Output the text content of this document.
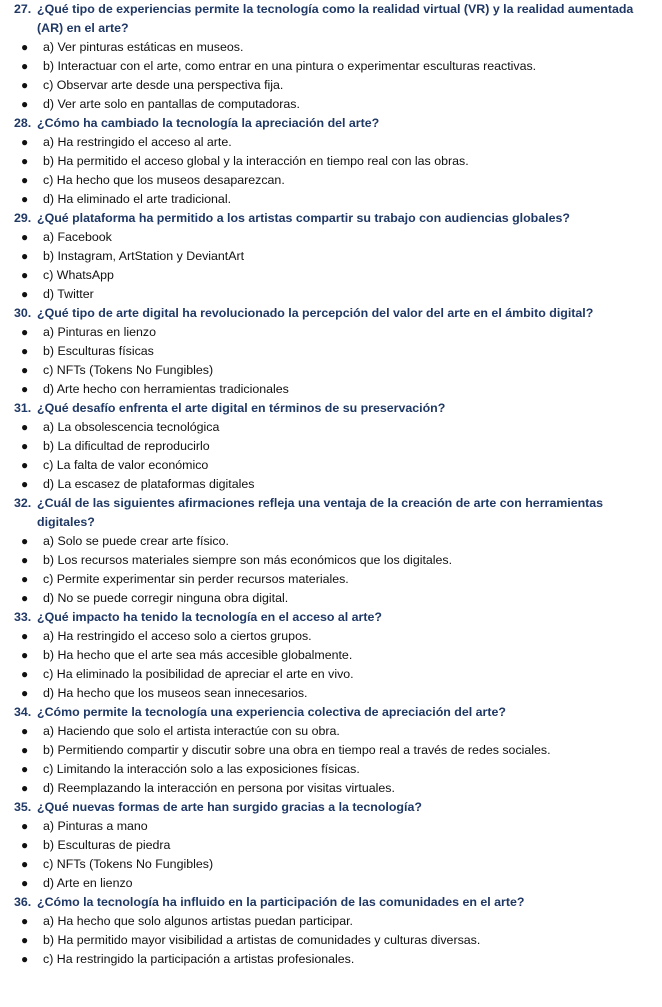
27. ¿Qué tipo de experiencias permite la tecnología como la realidad virtual (VR) y la realidad aumentada (AR) en el arte?
● a) Ver pinturas estáticas en museos.
● b) Interactuar con el arte, como entrar en una pintura o experimentar esculturas reactivas.
● c) Observar arte desde una perspectiva fija.
● d) Ver arte solo en pantallas de computadoras.
28. ¿Cómo ha cambiado la tecnología la apreciación del arte?
● a) Ha restringido el acceso al arte.
● b) Ha permitido el acceso global y la interacción en tiempo real con las obras.
● c) Ha hecho que los museos desaparezcan.
● d) Ha eliminado el arte tradicional.
29. ¿Qué plataforma ha permitido a los artistas compartir su trabajo con audiencias globales?
● a) Facebook
● b) Instagram, ArtStation y DeviantArt
● c) WhatsApp
● d) Twitter
30. ¿Qué tipo de arte digital ha revolucionado la percepción del valor del arte en el ámbito digital?
● a) Pinturas en lienzo
● b) Esculturas físicas
● c) NFTs (Tokens No Fungibles)
● d) Arte hecho con herramientas tradicionales
31. ¿Qué desafío enfrenta el arte digital en términos de su preservación?
● a) La obsolescencia tecnológica
● b) La dificultad de reproducirlo
● c) La falta de valor económico
● d) La escasez de plataformas digitales
32. ¿Cuál de las siguientes afirmaciones refleja una ventaja de la creación de arte con herramientas digitales?
● a) Solo se puede crear arte físico.
● b) Los recursos materiales siempre son más económicos que los digitales.
● c) Permite experimentar sin perder recursos materiales.
● d) No se puede corregir ninguna obra digital.
33. ¿Qué impacto ha tenido la tecnología en el acceso al arte?
● a) Ha restringido el acceso solo a ciertos grupos.
● b) Ha hecho que el arte sea más accesible globalmente.
● c) Ha eliminado la posibilidad de apreciar el arte en vivo.
● d) Ha hecho que los museos sean innecesarios.
34. ¿Cómo permite la tecnología una experiencia colectiva de apreciación del arte?
● a) Haciendo que solo el artista interactúe con su obra.
● b) Permitiendo compartir y discutir sobre una obra en tiempo real a través de redes sociales.
● c) Limitando la interacción solo a las exposiciones físicas.
● d) Reemplazando la interacción en persona por visitas virtuales.
35. ¿Qué nuevas formas de arte han surgido gracias a la tecnología?
● a) Pinturas a mano
● b) Esculturas de piedra
● c) NFTs (Tokens No Fungibles)
● d) Arte en lienzo
36. ¿Cómo la tecnología ha influido en la participación de las comunidades en el arte?
● a) Ha hecho que solo algunos artistas puedan participar.
● b) Ha permitido mayor visibilidad a artistas de comunidades y culturas diversas.
● c) Ha restringido la participación a artistas profesionales.
